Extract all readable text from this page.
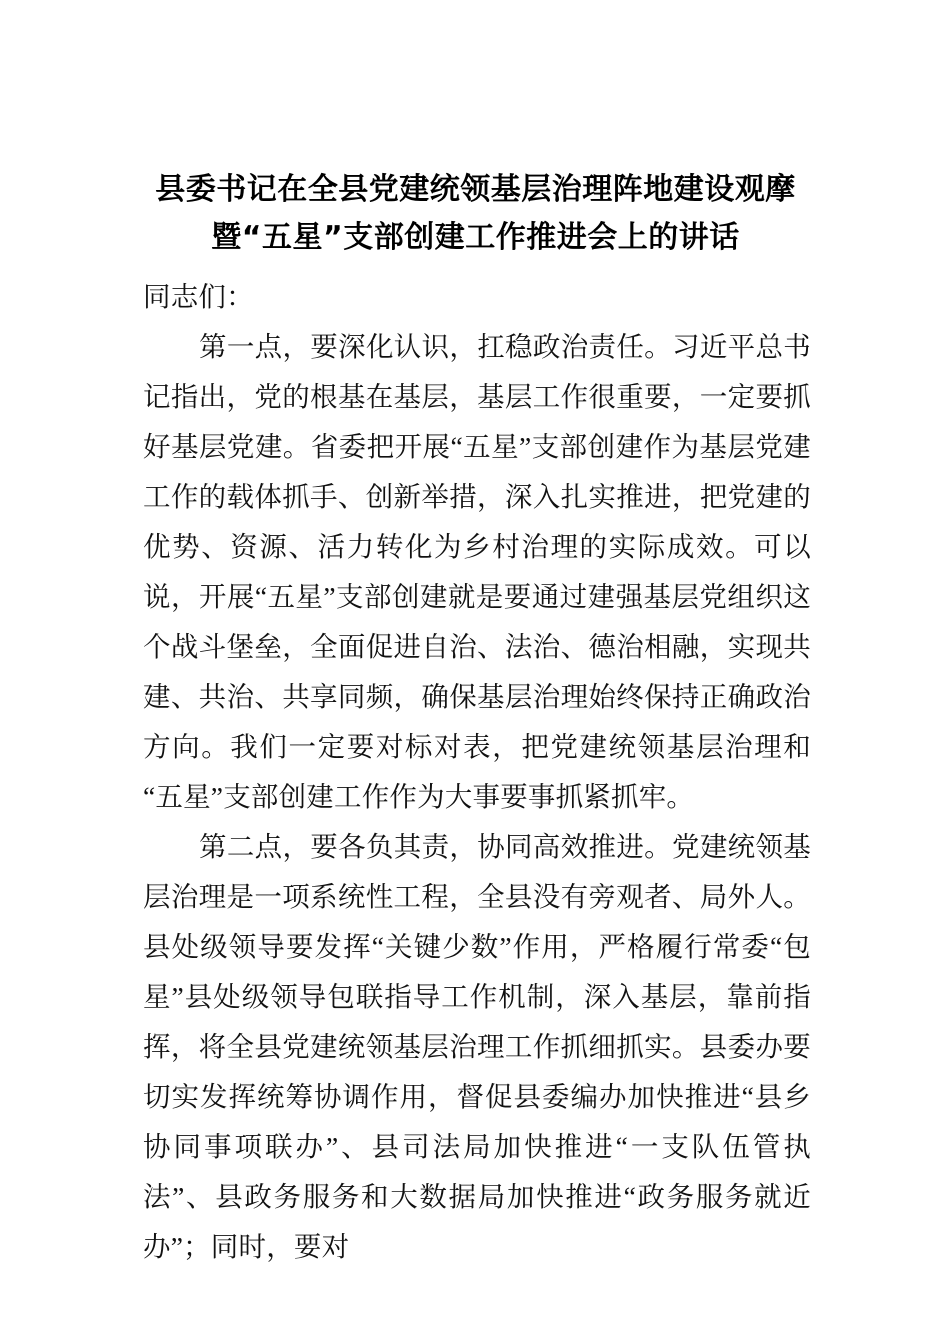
县委书记在全县党建统领基层治理阵地建设观摩暨“五星”支部创建工作推进会上的讲话

同志们：

第一点，要深化认识，扛稳政治责任。习近平总书记指出，党的根基在基层，基层工作很重要，一定要抓好基层党建。省委把开展“五星”支部创建作为基层党建工作的载体抓手、创新举措，深入扎实推进，把党建的优势、资源、活力转化为乡村治理的实际成效。可以说，开展“五星”支部创建就是要通过建强基层党组织这个战斗堡垒，全面促进自治、法治、德治相融，实现共建、共治、共享同频，确保基层治理始终保持正确政治方向。我们一定要对标对表，把党建统领基层治理和“五星”支部创建工作作为大事要事抓紧抓牢。

第二点，要各负其责，协同高效推进。党建统领基层治理是一项系统性工程，全县没有旁观者、局外人。县处级领导要发挥“关键少数”作用，严格履行常委“包星”县处级领导包联指导工作机制，深入基层，靠前指挥，将全县党建统领基层治理工作抓细抓实。县委办要切实发挥统筹协调作用，督促县委编办加快推进“县乡协同事项联办”、县司法局加快推进“一支队伍管执法”、县政务服务和大数据局加快推进“政务服务就近办”；同时，要对
